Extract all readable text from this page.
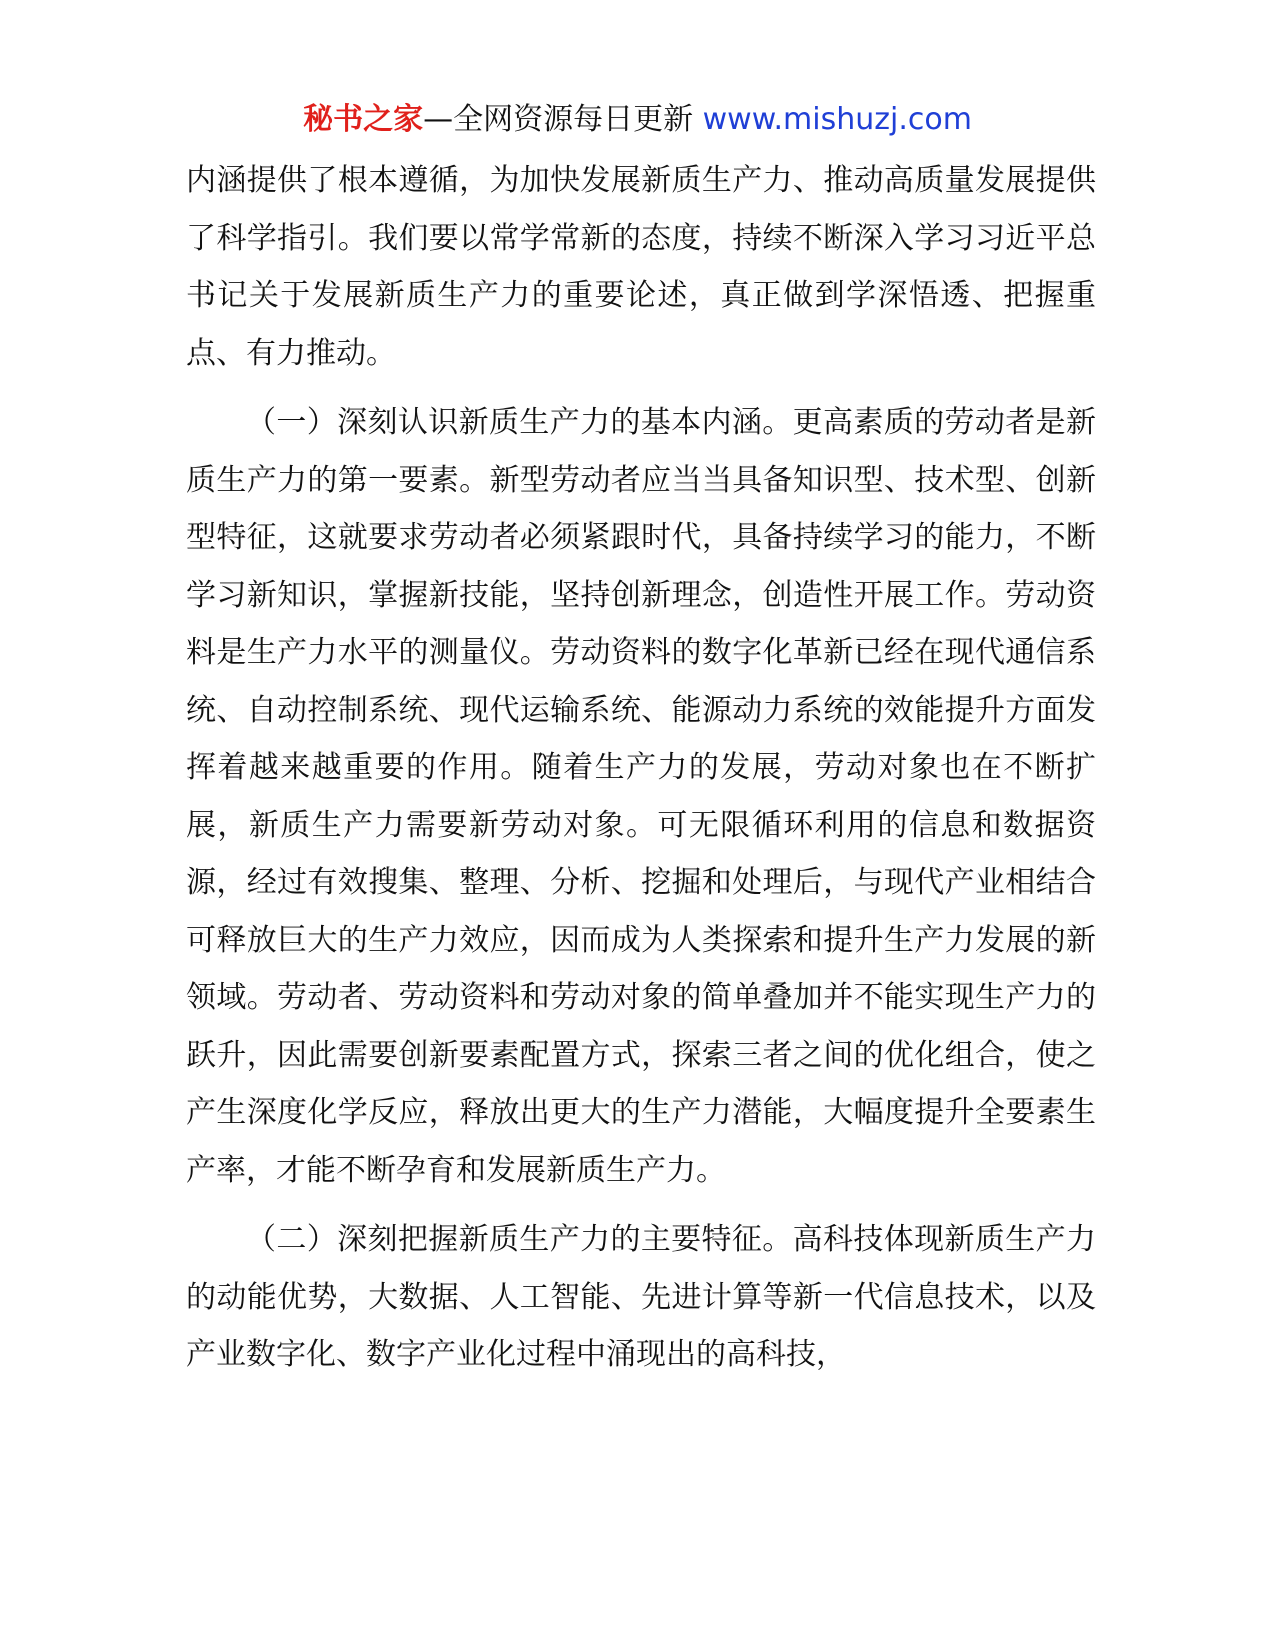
秘书之家—全网资源每日更新 www.mishuzj.com

内涵提供了根本遵循，为加快发展新质生产力、推动高质量发展提供了科学指引。我们要以常学常新的态度，持续不断深入学习习近平总书记关于发展新质生产力的重要论述，真正做到学深悟透、把握重点、有力推动。

（一）深刻认识新质生产力的基本内涵。更高素质的劳动者是新质生产力的第一要素。新型劳动者应当当具备知识型、技术型、创新型特征，这就要求劳动者必须紧跟时代，具备持续学习的能力，不断学习新知识，掌握新技能，坚持创新理念，创造性开展工作。劳动资料是生产力水平的测量仪。劳动资料的数字化革新已经在现代通信系统、自动控制系统、现代运输系统、能源动力系统的效能提升方面发挥着越来越重要的作用。随着生产力的发展，劳动对象也在不断扩展，新质生产力需要新劳动对象。可无限循环利用的信息和数据资源，经过有效搜集、整理、分析、挖掘和处理后，与现代产业相结合可释放巨大的生产力效应，因而成为人类探索和提升生产力发展的新领域。劳动者、劳动资料和劳动对象的简单叠加并不能实现生产力的跃升，因此需要创新要素配置方式，探索三者之间的优化组合，使之产生深度化学反应，释放出更大的生产力潜能，大幅度提升全要素生产率，才能不断孕育和发展新质生产力。

（二）深刻把握新质生产力的主要特征。高科技体现新质生产力的动能优势，大数据、人工智能、先进计算等新一代信息技术，以及产业数字化、数字产业化过程中涌现出的高科技，
